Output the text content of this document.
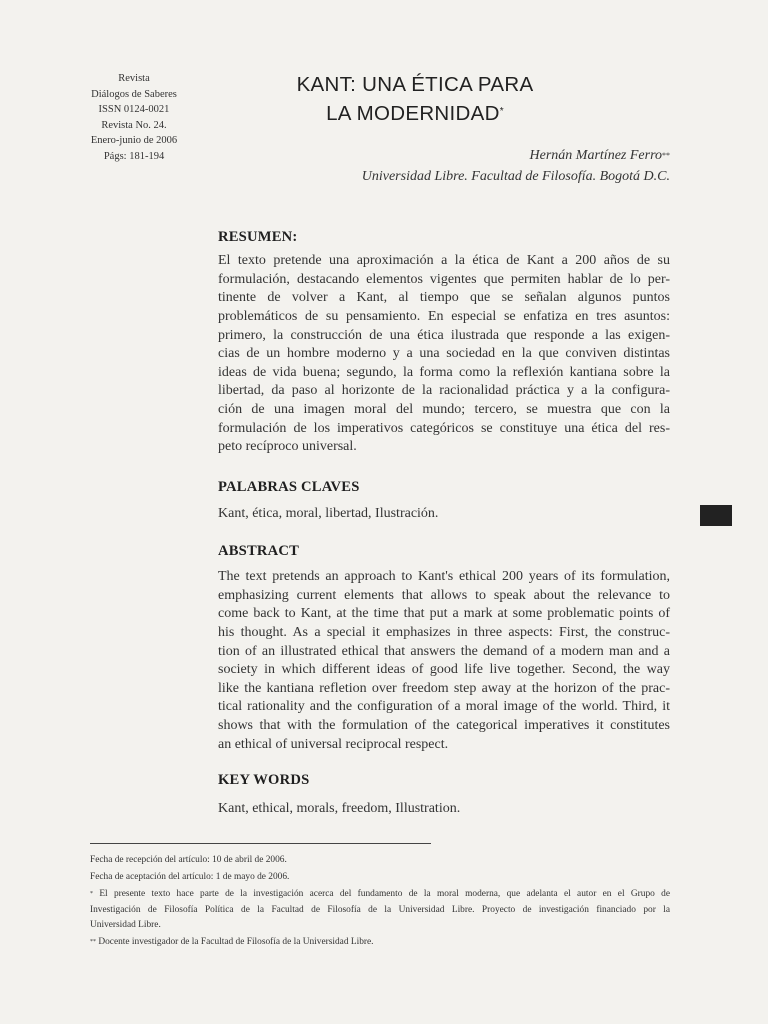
Revista
Diálogos de Saberes
ISSN 0124-0021
Revista No. 24.
Enero-junio de 2006
Págs: 181-194
KANT: UNA ÉTICA PARA
LA MODERNIDAD*
Hernán Martínez Ferro**
Universidad Libre. Facultad de Filosofía. Bogotá D.C.
RESUMEN:
El texto pretende una aproximación a la ética de Kant a 200 años de su
formulación, destacando elementos vigentes que permiten hablar de lo per-
tinente de volver a Kant, al tiempo que se señalan algunos puntos
problemáticos de su pensamiento. En especial se enfatiza en tres asuntos:
primero, la construcción de una ética ilustrada que responde a las exigen-
cias de un hombre moderno y a una sociedad en la que conviven distintas
ideas de vida buena; segundo, la forma como la reflexión kantiana sobre la
libertad, da paso al horizonte de la racionalidad práctica y a la configura-
ción de una imagen moral del mundo; tercero, se muestra que con la
formulación de los imperativos categóricos se constituye una ética del res-
peto recíproco universal.
PALABRAS CLAVES
Kant, ética, moral, libertad, Ilustración.
ABSTRACT
The text pretends an approach to Kant's ethical 200 years of its formulation,
emphasizing current elements that allows to speak about the relevance to
come back to Kant, at the time that put a mark at some problematic points of
his thought. As a special it emphasizes in three aspects: First, the construc-
tion of an illustrated ethical that answers the demand of a modern man and a
society in which different ideas of good life live together. Second, the way
like the kantiana refletion over freedom step away at the horizon of the prac-
tical rationality and the configuration of a moral image of the world. Third, it
shows that with the formulation of the categorical imperatives it constitutes
an ethical of universal reciprocal respect.
KEY WORDS
Kant, ethical, morals, freedom, Illustration.
Fecha de recepción del artículo: 10 de abril de 2006.
Fecha de aceptación del artículo: 1 de mayo de 2006.
* El presente texto hace parte de la investigación acerca del fundamento de la moral moderna, que adelanta el autor en el Grupo de
Investigación de Filosofía Política de la Facultad de Filosofía de la Universidad Libre. Proyecto de investigación financiado por la
Universidad Libre.
** Docente investigador de la Facultad de Filosofía de la Universidad Libre.
